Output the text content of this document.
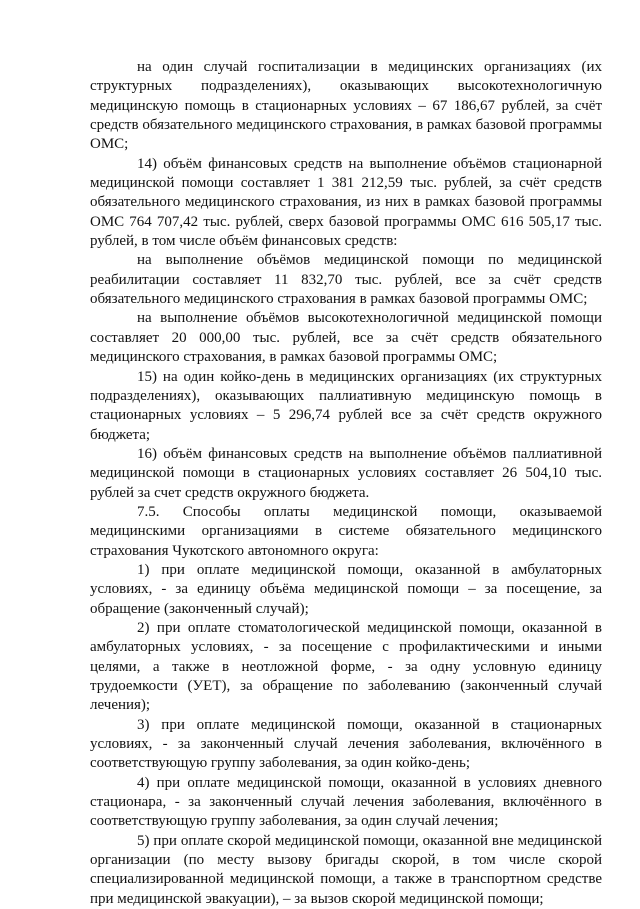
на один случай госпитализации в медицинских организациях (их структурных подразделениях), оказывающих высокотехнологичную медицинскую помощь в стационарных условиях – 67 186,67 рублей, за счёт средств обязательного медицинского страхования, в рамках базовой программы ОМС;

14) объём финансовых средств на выполнение объёмов стационарной медицинской помощи составляет 1 381 212,59 тыс. рублей, за счёт средств обязательного медицинского страхования, из них в рамках базовой программы ОМС 764 707,42 тыс. рублей, сверх базовой программы ОМС 616 505,17 тыс. рублей, в том числе объём финансовых средств:

на выполнение объёмов медицинской помощи по медицинской реабилитации составляет 11 832,70 тыс. рублей, все за счёт средств обязательного медицинского страхования в рамках базовой программы ОМС;

на выполнение объёмов высокотехнологичной медицинской помощи составляет 20 000,00 тыс. рублей, все за счёт средств обязательного медицинского страхования, в рамках базовой программы ОМС;

15) на один койко-день в медицинских организациях (их структурных подразделениях), оказывающих паллиативную медицинскую помощь в стационарных условиях – 5 296,74 рублей все за счёт средств окружного бюджета;

16) объём финансовых средств на выполнение объёмов паллиативной медицинской помощи в стационарных условиях составляет 26 504,10 тыс. рублей за счет средств окружного бюджета.

7.5. Способы оплаты медицинской помощи, оказываемой медицинскими организациями в системе обязательного медицинского страхования Чукотского автономного округа:

1) при оплате медицинской помощи, оказанной в амбулаторных условиях, - за единицу объёма медицинской помощи – за посещение, за обращение (законченный случай);

2) при оплате стоматологической медицинской помощи, оказанной в амбулаторных условиях, - за посещение с профилактическими и иными целями, а также в неотложной форме, - за одну условную единицу трудоемкости (УЕТ), за обращение по заболеванию (законченный случай лечения);

3) при оплате медицинской помощи, оказанной в стационарных условиях, - за законченный случай лечения заболевания, включённого в соответствующую группу заболевания, за один койко-день;

4) при оплате медицинской помощи, оказанной в условиях дневного стационара, - за законченный случай лечения заболевания, включённого в соответствующую группу заболевания, за один случай лечения;

5) при оплате скорой медицинской помощи, оказанной вне медицинской организации (по месту вызову бригады скорой, в том числе скорой специализированной медицинской помощи, а также в транспортном средстве при медицинской эвакуации), – за вызов скорой медицинской помощи;
